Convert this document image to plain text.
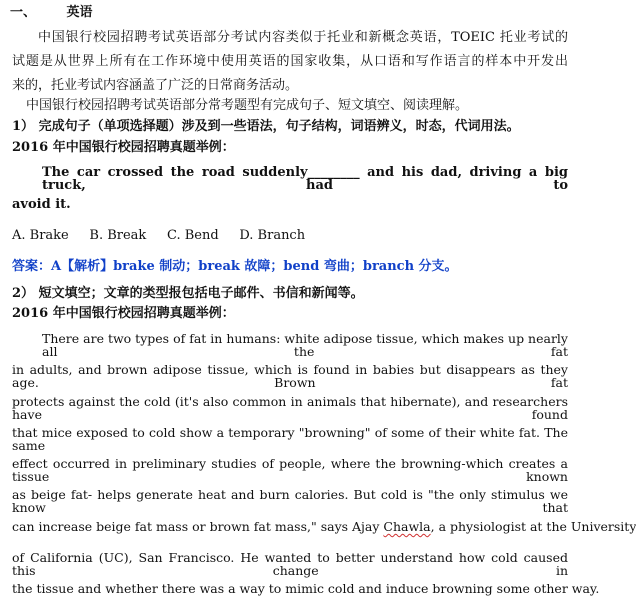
一、 英语
中国银行校园招聘考试英语部分考试内容类似于托业和新概念英语，TOEIC 托业考试的
试题是从世界上所有在工作环境中使用英语的国家收集，从口语和写作语言的样本中开发出
来的，托业考试内容涵盖了广泛的日常商务活动。
中国银行校园招聘考试英语部分常考题型有完成句子、短文填空、阅读理解。
1） 完成句子（单项选择题）涉及到一些语法，句子结构，词语辨义，时态，代词用法。
2016 年中国银行校园招聘真题举例：
The car crossed the road suddenly________ and his dad, driving a big truck, had to
avoid it.
A. Brake     B. Break     C. Bend     D. Branch
答案：A【解析】brake 制动；break 故障；bend 弯曲；branch 分支。
2） 短文填空；文章的类型报包括电子邮件、书信和新闻等。
2016 年中国银行校园招聘真题举例：
There are two types of fat in humans: white adipose tissue, which makes up nearly all the fat
in adults, and brown adipose tissue, which is found in babies but disappears as they age. Brown fat
protects against the cold (it's also common in animals that hibernate), and researchers have found
that mice exposed to cold show a temporary "browning" of some of their white fat. The same
effect occurred in preliminary studies of people, where the browning-which creates a tissue known
as beige fat- helps generate heat and burn calories. But cold is "the only stimulus we know that
can increase beige fat mass or brown fat mass," says Ajay Chawla , a physiologist at the University
of California (UC), San Francisco. He wanted to better understand how cold caused this change in
the tissue and whether there was a way to mimic cold and induce browning some other way.
